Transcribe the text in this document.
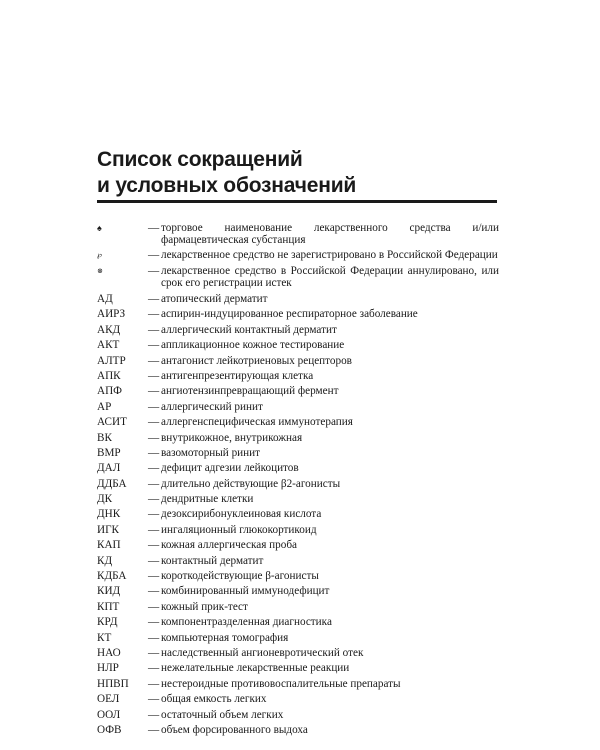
Список сокращений
и условных обозначений
♠	— торговое наименование лекарственного средства и/или фармацевтическая субстанция
℘	— лекарственное средство не зарегистрировано в Российской Федерации
⊗	— лекарственное средство в Российской Федерации аннулировано, или срок его регистрации истек
АД	— атопический дерматит
АИРЗ	— аспирин-индуцированное респираторное заболевание
АКД	— аллергический контактный дерматит
АКТ	— аппликационное кожное тестирование
АЛТР	— антагонист лейкотриеновых рецепторов
АПК	— антигенпрезентирующая клетка
АПФ	— ангиотензинпревращающий фермент
АР	— аллергический ринит
АСИТ	— аллергенспецифическая иммунотерапия
ВК	— внутрикожное, внутрикожная
ВМР	— вазомоторный ринит
ДАЛ	— дефицит адгезии лейкоцитов
ДДБА	— длительно действующие β2-агонисты
ДК	— дендритные клетки
ДНК	— дезоксирибонуклеиновая кислота
ИГК	— ингаляционный глюкокортикоид
КАП	— кожная аллергическая проба
КД	— контактный дерматит
КДБА	— короткодействующие β-агонисты
КИД	— комбинированный иммунодефицит
КПТ	— кожный прик-тест
КРД	— компонентразделенная диагностика
КТ	— компьютерная томография
НАО	— наследственный ангионевротический отек
НЛР	— нежелательные лекарственные реакции
НПВП	— нестероидные противовоспалительные препараты
ОЕЛ	— общая емкость легких
ООЛ	— остаточный объем легких
ОФВ	— объем форсированного выдоха
